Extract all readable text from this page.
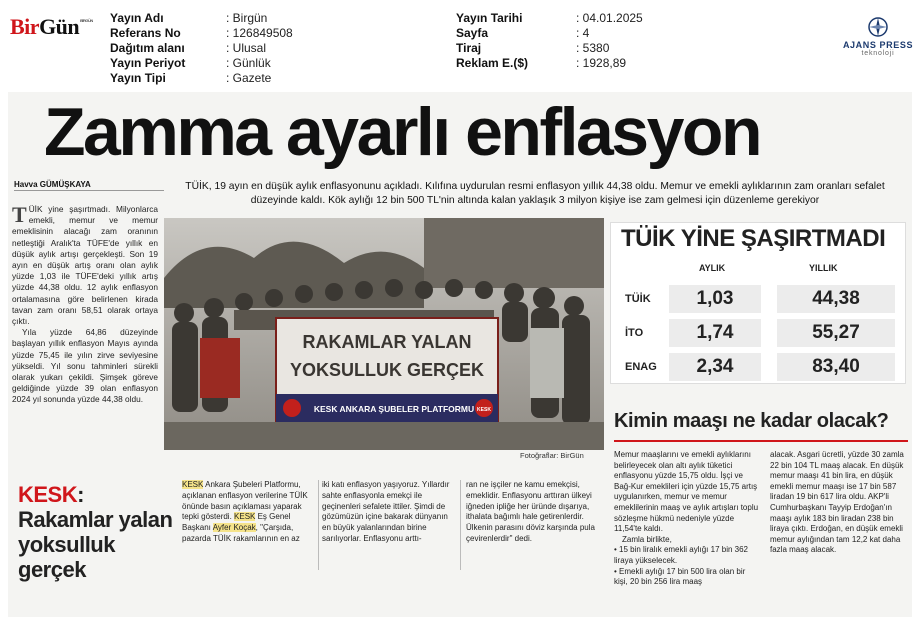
BirGün BİRGÜN Yayın Adı	: Birgün
Referans No	: 126849508
Dağıtım alanı	: Ulusal
Yayın Periyot	: Günlük
Yayın Tipi	: Gazete
Yayın Tarihi	: 04.01.2025
Sayfa	: 4
Tiraj	: 5380
Reklam E.($)	: 1928,89
AJANS PRESS
teknoloji
Zamma ayarlı enflasyon
Havva GÜMÜŞKAYA

TÜİK yine şaşırtmadı. Milyonlarca emekli, memur ve memur emeklisinin alacağı zam oranının netleştiği Aralık'ta TÜFE'de yıllık en düşük aylık artışı gerçekleşti. Son 19 ayın en düşük artış oranı olan aylık yüzde 1,03 ile TÜFE'deki yıllık artış yüzde 44,38 oldu. 12 aylık enflasyon ortalamasına göre belirlenen kirada tavan zam oranı 58,51 olarak ortaya çıktı.

Yıla yüzde 64,86 düzeyinde başlayan yıllık enflasyon Mayıs ayında yüzde 75,45 ile yılın zirve seviyesine yükseldi. Yıl sonu tahminleri sürekli olarak yukarı çekildi. Şimşek göreve geldiğinde yüzde 39 olan enflasyon 2024 yıl sonunda yüzde 44,38 oldu.

TÜİK, 19 ayın en düşük aylık enflasyonunu açıkladı. Kılıfına uydurulan resmi enflasyon yıllık 44,38 oldu. Memur ve emekli aylıklarının zam oranları sefalet düzeyinde kaldı. Kök aylığı 12 bin 500 TL'nin altında kalan yaklaşık 3 milyon kişiye ise zam gelmesi için düzenleme gerekiyor
RAKAMLAR YALAN
YOKSULLUK GERÇEK
KESK ANKARA ŞUBELER PLATFORMU KESK
Fotoğraflar: BirGün
TÜİK YİNE ŞAŞIRTMADI
AYLIK	YILLIK
TÜİK	1,03	44,38
İTO	1,74	55,27
ENAG	2,34	83,40
Kimin maaşı ne kadar olacak?

Memur maaşlarını ve emekli aylıklarını belirleyecek olan altı aylık tüketici enflasyonu yüzde 15,75 oldu. İşçi ve Bağ-Kur emeklileri için yüzde 15,75 artış uygulanırken, memur ve memur emeklilerinin maaş ve aylık artışları toplu sözleşme hükmü nedeniyle yüzde 11,54'te kaldı.

Zamla birlikte,

• 15 bin liralık emekli aylığı 17 bin 362 liraya yükselecek.
• Emekli aylığı 17 bin 500 lira olan bir kişi, 20 bin 256 lira maaş
alacak. Asgari ücretli, yüzde 30 zamla 22 bin 104 TL maaş alacak. En düşük memur maaşı 41 bin lira, en düşük emekli memur maaşı ise 17 bin 587 liradan 19 bin 617 lira oldu. AKP'li Cumhurbaşkanı Tayyip Erdoğan'ın maaşı aylık 183 bin liradan 238 bin liraya çıktı. Erdoğan, en düşük emekli memur aylığından tam 12,2 kat daha fazla maaş alacak.
KESK: Rakamlar yalan yoksulluk gerçek
KESK Ankara Şubeleri Platformu, açıklanan enflasyon verilerine TÜİK önünde basın açıklaması yaparak tepki gösterdi. KESK Eş Genel Başkanı Ayfer Koçak, "Çarşıda, pazarda TÜİK rakamlarının en az
iki katı enflasyon yaşıyoruz. Yıllardır sahte enflasyonla emekçi ile geçinenleri sefalete ittiler. Şimdi de gözümüzün içine bakarak dünyanın en büyük yalanlarından birine sarılıyorlar. Enflasyonu arttı-
ran ne işçiler ne kamu emekçisi, emeklidir. Enflasyonu arttıran ülkeyi iğneden ipliğe her üründe dışarıya, ithalata bağımlı hale getirenlerdir. Ülkenin parasını döviz karşında pula çevirenlerdir" dedi.
